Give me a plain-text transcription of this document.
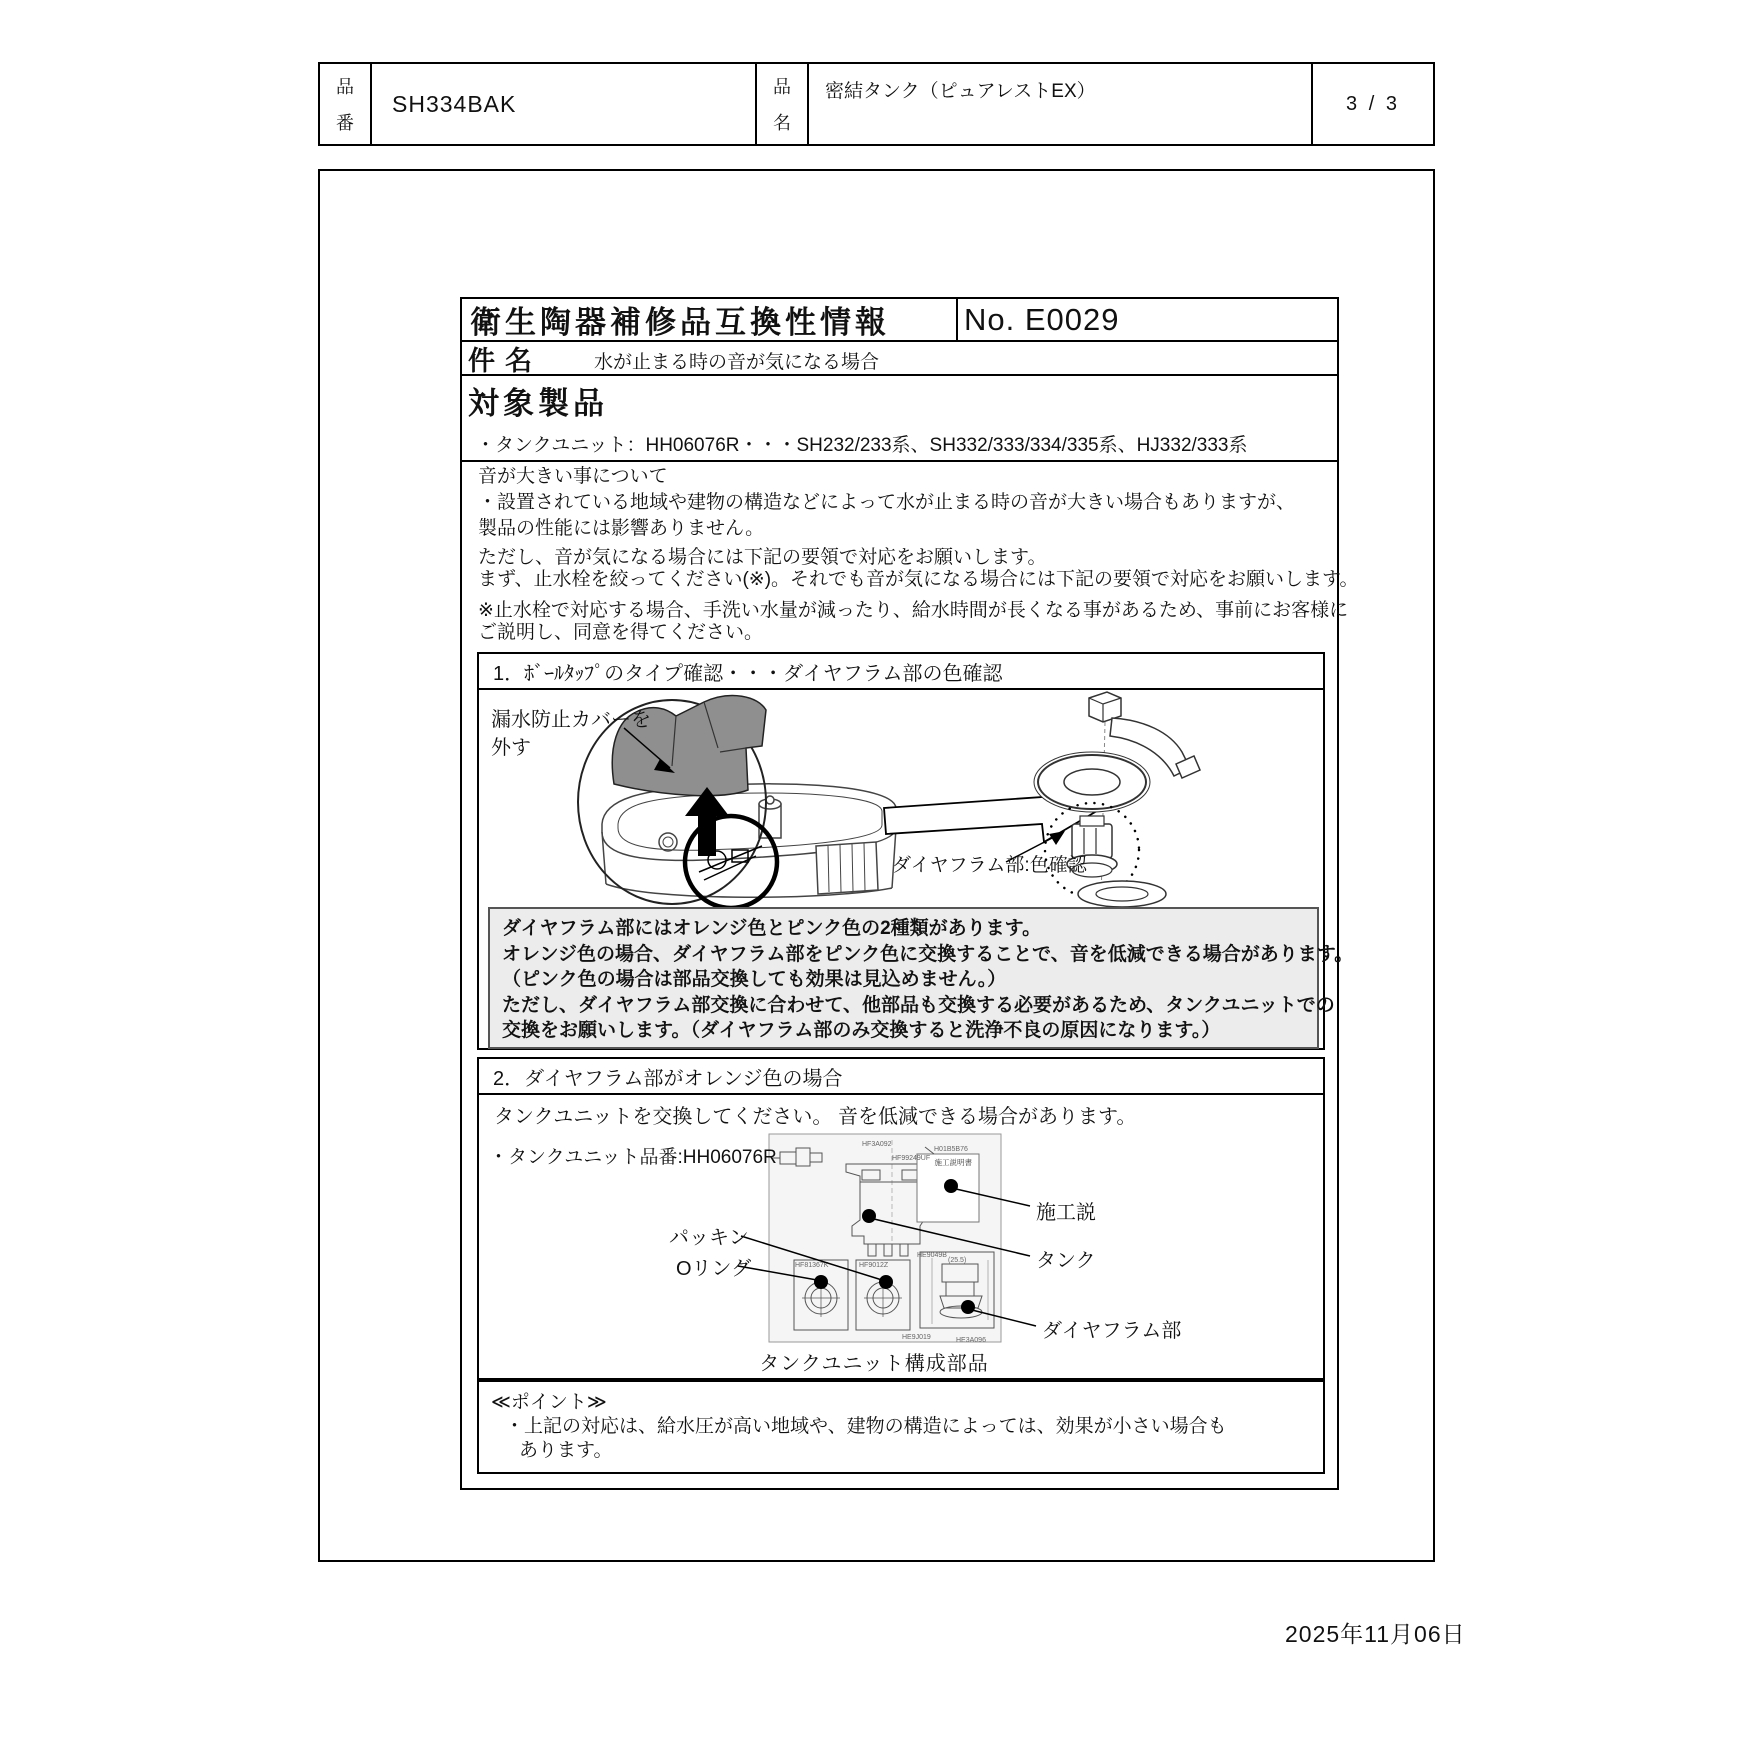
品
番
SH334BAK
品
名
密結タンク（ピュアレストEX）
3 / 3
衛生陶器補修品互換性情報	No. E0029
件名	水が止まる時の音が気になる場合
対象製品
・タンクユニット：HH06076R・・・SH232/233系、SH332/333/334/335系、HJ332/333系
音が大きい事について
・設置されている地域や建物の構造などによって水が止まる時の音が大きい場合もありますが、
製品の性能には影響ありません。
ただし、音が気になる場合には下記の要領で対応をお願いします。
まず、止水栓を絞ってください(※)。それでも音が気になる場合には下記の要領で対応をお願いします。
※止水栓で対応する場合、手洗い水量が減ったり、給水時間が長くなる事があるため、事前にお客様に
ご説明し、同意を得てください。
1．ﾎﾞｰﾙﾀｯﾌﾟのタイプ確認・・・ダイヤフラム部の色確認
漏水防止カバーを
外す
ダイヤフラム部:色確認
ダイヤフラム部にはオレンジ色とピンク色の2種類があります。
オレンジ色の場合、ダイヤフラム部をピンク色に交換することで、音を低減できる場合があります。
（ピンク色の場合は部品交換しても効果は見込めません。）
ただし、ダイヤフラム部交換に合わせて、他部品も交換する必要があるため、タンクユニットでの
交換をお願いします。（ダイヤフラム部のみ交換すると洗浄不良の原因になります。）
2．ダイヤフラム部がオレンジ色の場合
HF3A092
HF99249UF
H01B5B76
HF81367K	HF9012Z
HE9049B
(25.5)
HE9J019	HE3A096
施工説明書
タンクユニットを交換してください。 音を低減できる場合があります。
・タンクユニット品番:HH06076R
パッキン
Oリング
施工説
タンク
ダイヤフラム部
タンクユニット構成部品
≪ポイント≫
・上記の対応は、給水圧が高い地域や、建物の構造によっては、効果が小さい場合も
あります。
2025年11月06日
